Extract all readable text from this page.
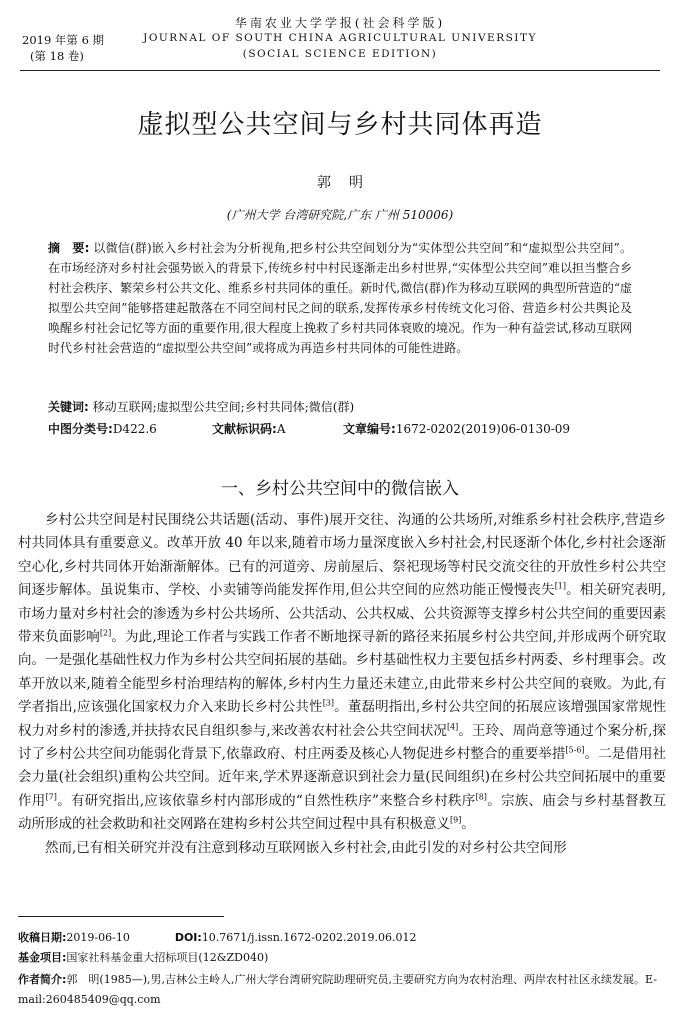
华南农业大学学报(社会科学版)
2019 年第 6 期	JOURNAL OF SOUTH CHINA AGRICULTURAL UNIVERSITY
(第 18 卷)	(SOCIAL SCIENCE EDITION)
虚拟型公共空间与乡村共同体再造
郭明
(广州大学 台湾研究院,广东 广州 510006)
摘　要: 以微信(群)嵌入乡村社会为分析视角,把乡村公共空间划分为“实体型公共空间”和“虚拟型公共空间”。在市场经济对乡村社会强势嵌入的背景下,传统乡村中村民逐渐走出乡村世界,“实体型公共空间”难以担当整合乡村社会秩序、繁荣乡村公共文化、维系乡村共同体的重任。新时代,微信(群)作为移动互联网的典型所营造的“虚拟型公共空间”能够搭建起散落在不同空间村民之间的联系,发挥传承乡村传统文化习俗、营造乡村公共舆论及唤醒乡村社会记忆等方面的重要作用,很大程度上挽救了乡村共同体衰败的境况。作为一种有益尝试,移动互联网时代乡村社会营造的“虚拟型公共空间”或将成为再造乡村共同体的可能性进路。
关键词: 移动互联网;虚拟型公共空间;乡村共同体;微信(群)
中图分类号:D422.6	文献标识码:A	文章编号:1672-0202(2019)06-0130-09
一、乡村公共空间中的微信嵌入

乡村公共空间是村民围绕公共话题(活动、事件)展开交往、沟通的公共场所,对维系乡村社会秩序,营造乡村共同体具有重要意义。改革开放 40 年以来,随着市场力量深度嵌入乡村社会,村民逐渐个体化,乡村社会逐渐空心化,乡村共同体开始渐渐解体。已有的河道旁、房前屋后、祭祀现场等村民交流交往的开放性乡村公共空间逐步解体。虽说集市、学校、小卖铺等尚能发挥作用,但公共空间的应然功能正慢慢丧失[1]。相关研究表明,市场力量对乡村社会的渗透为乡村公共场所、公共活动、公共权威、公共资源等支撑乡村公共空间的重要因素带来负面影响[2]。为此,理论工作者与实践工作者不断地探寻新的路径来拓展乡村公共空间,并形成两个研究取向。一是强化基础性权力作为乡村公共空间拓展的基础。乡村基础性权力主要包括乡村两委、乡村理事会。改革开放以来,随着全能型乡村治理结构的解体,乡村内生力量还未建立,由此带来乡村公共空间的衰败。为此,有学者指出,应该强化国家权力介入来助长乡村公共性[3]。董磊明指出,乡村公共空间的拓展应该增强国家常规性权力对乡村的渗透,并扶持农民自组织参与,来改善农村社会公共空间状况[4]。王玲、周尚意等通过个案分析,探讨了乡村公共空间功能弱化背景下,依靠政府、村庄两委及核心人物促进乡村整合的重要举措[5-6]。二是借用社会力量(社会组织)重构公共空间。近年来,学术界逐渐意识到社会力量(民间组织)在乡村公共空间拓展中的重要作用[7]。有研究指出,应该依靠乡村内部形成的“自然性秩序”来整合乡村秩序[8]。宗族、庙会与乡村基督教互动所形成的社会救助和社交网路在建构乡村公共空间过程中具有积极意义[9]。

然而,已有相关研究并没有注意到移动互联网嵌入乡村社会,由此引发的对乡村公共空间形

收稿日期:2019-06-10	DOI:10.7671/j.issn.1672-0202.2019.06.012
基金项目:国家社科基金重大招标项目(12&ZD040)
作者简介:郭　明(1985—),男,吉林公主岭人,广州大学台湾研究院助理研究员,主要研究方向为农村治理、两岸农村社区永续发展。E-mail:260485409@qq.com
